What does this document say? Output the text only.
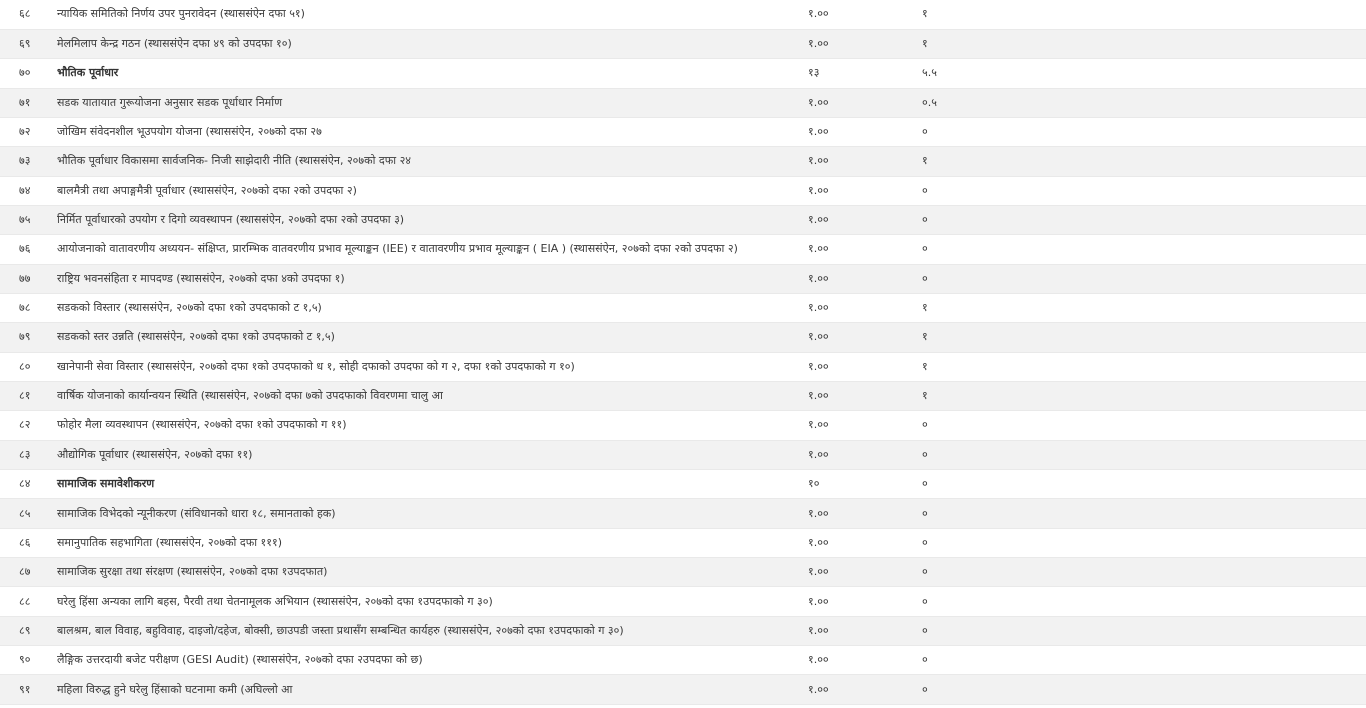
६८	न्यायिक समितिको निर्णय उपर पुनरावेदन (स्थाससंऐन दफा ५१)	१.००	१
६९	मेलमिलाप केन्द्र गठन (स्थाससंऐन दफा ४९ को उपदफा १०)	१.००	१
७०	भौतिक पूर्वाधार	१३	५.५
७१	सडक यातायात गुरूयोजना अनुसार सडक पूर्धाधार निर्माण	१.००	०.५
७२	जोखिम संवेदनशील भूउपयोग योजना (स्थाससंऐन, २०७को दफा २७	१.००	०
७३	भौतिक पूर्वाधार विकासमा सार्वजनिक- निजी साझेदारी नीति (स्थाससंऐन, २०७को दफा २४	१.००	१
७४	बालमैत्री तथा अपाङ्गमैत्री पूर्वाधार (स्थाससंऐन, २०७को दफा २को उपदफा २)	१.००	०
७५	निर्मित पूर्वाधारको उपयोग र दिगो व्यवस्थापन (स्थाससंऐन, २०७को दफा २को उपदफा ३)	१.००	०
७६	आयोजनाको वातावरणीय अध्ययन- संक्षिप्त, प्रारम्भिक वातवरणीय प्रभाव मूल्याङ्कन (IEE) र वातावरणीय प्रभाव मूल्याङ्कन ( EIA ) (स्थाससंऐन, २०७को दफा २को उपदफा २)	१.००	०
७७	राष्ट्रिय भवनसंहिता र मापदण्ड (स्थाससंऐन, २०७को दफा ४को उपदफा १)	१.००	०
७८	सडकको विस्तार (स्थाससंऐन, २०७को दफा १को उपदफाको ट १,५)	१.००	१
७९	सडकको स्तर उन्नति (स्थाससंऐन, २०७को दफा १को उपदफाको ट १,५)	१.००	१
८०	खानेपानी सेवा विस्तार (स्थाससंऐन, २०७को दफा १को उपदफाको ध १, सोही दफाको उपदफा को ग २, दफा १को उपदफाको ग १०)	१.००	१
८१	वार्षिक योजनाको कार्यान्वयन स्थिति (स्थाससंऐन, २०७को दफा ७को उपदफाको विवरणमा चालु आ	१.००	१
८२	फोहोर मैला व्यवस्थापन (स्थाससंऐन, २०७को दफा १को उपदफाको ग ११)	१.००	०
८३	औद्योगिक पूर्वाधार (स्थाससंऐन, २०७को दफा ११)	१.००	०
८४	सामाजिक समावेशीकरण	१०	०
८५	सामाजिक विभेदको न्यूनीकरण (संविधानको धारा १८, समानताको हक)	१.००	०
८६	समानुपातिक सहभागिता (स्थाससंऐन, २०७को दफा १११)	१.००	०
८७	सामाजिक सुरक्षा तथा संरक्षण (स्थाससंऐन, २०७को दफा १उपदफात)	१.००	०
८८	घरेलु हिंसा अन्यका लागि बहस, पैरवी तथा चेतनामूलक अभियान (स्थाससंऐन, २०७को दफा १उपदफाको ग ३०)	१.००	०
८९	बालश्रम, बाल विवाह, बहुविवाह, दाइजो/दहेज, बोक्सी, छाउपडी जस्ता प्रथासँग सम्बन्धित कार्यहरु (स्थाससंऐन, २०७को दफा १उपदफाको ग ३०)	१.००	०
९०	लैङ्गिक उत्तरदायी बजेट परीक्षण (GESI Audit) (स्थाससंऐन, २०७को दफा २उपदफा को छ)	१.००	०
९१	महिला विरुद्ध हुने घरेलु हिंसाको घटनामा कमी (अघिल्लो आ	१.००	०
